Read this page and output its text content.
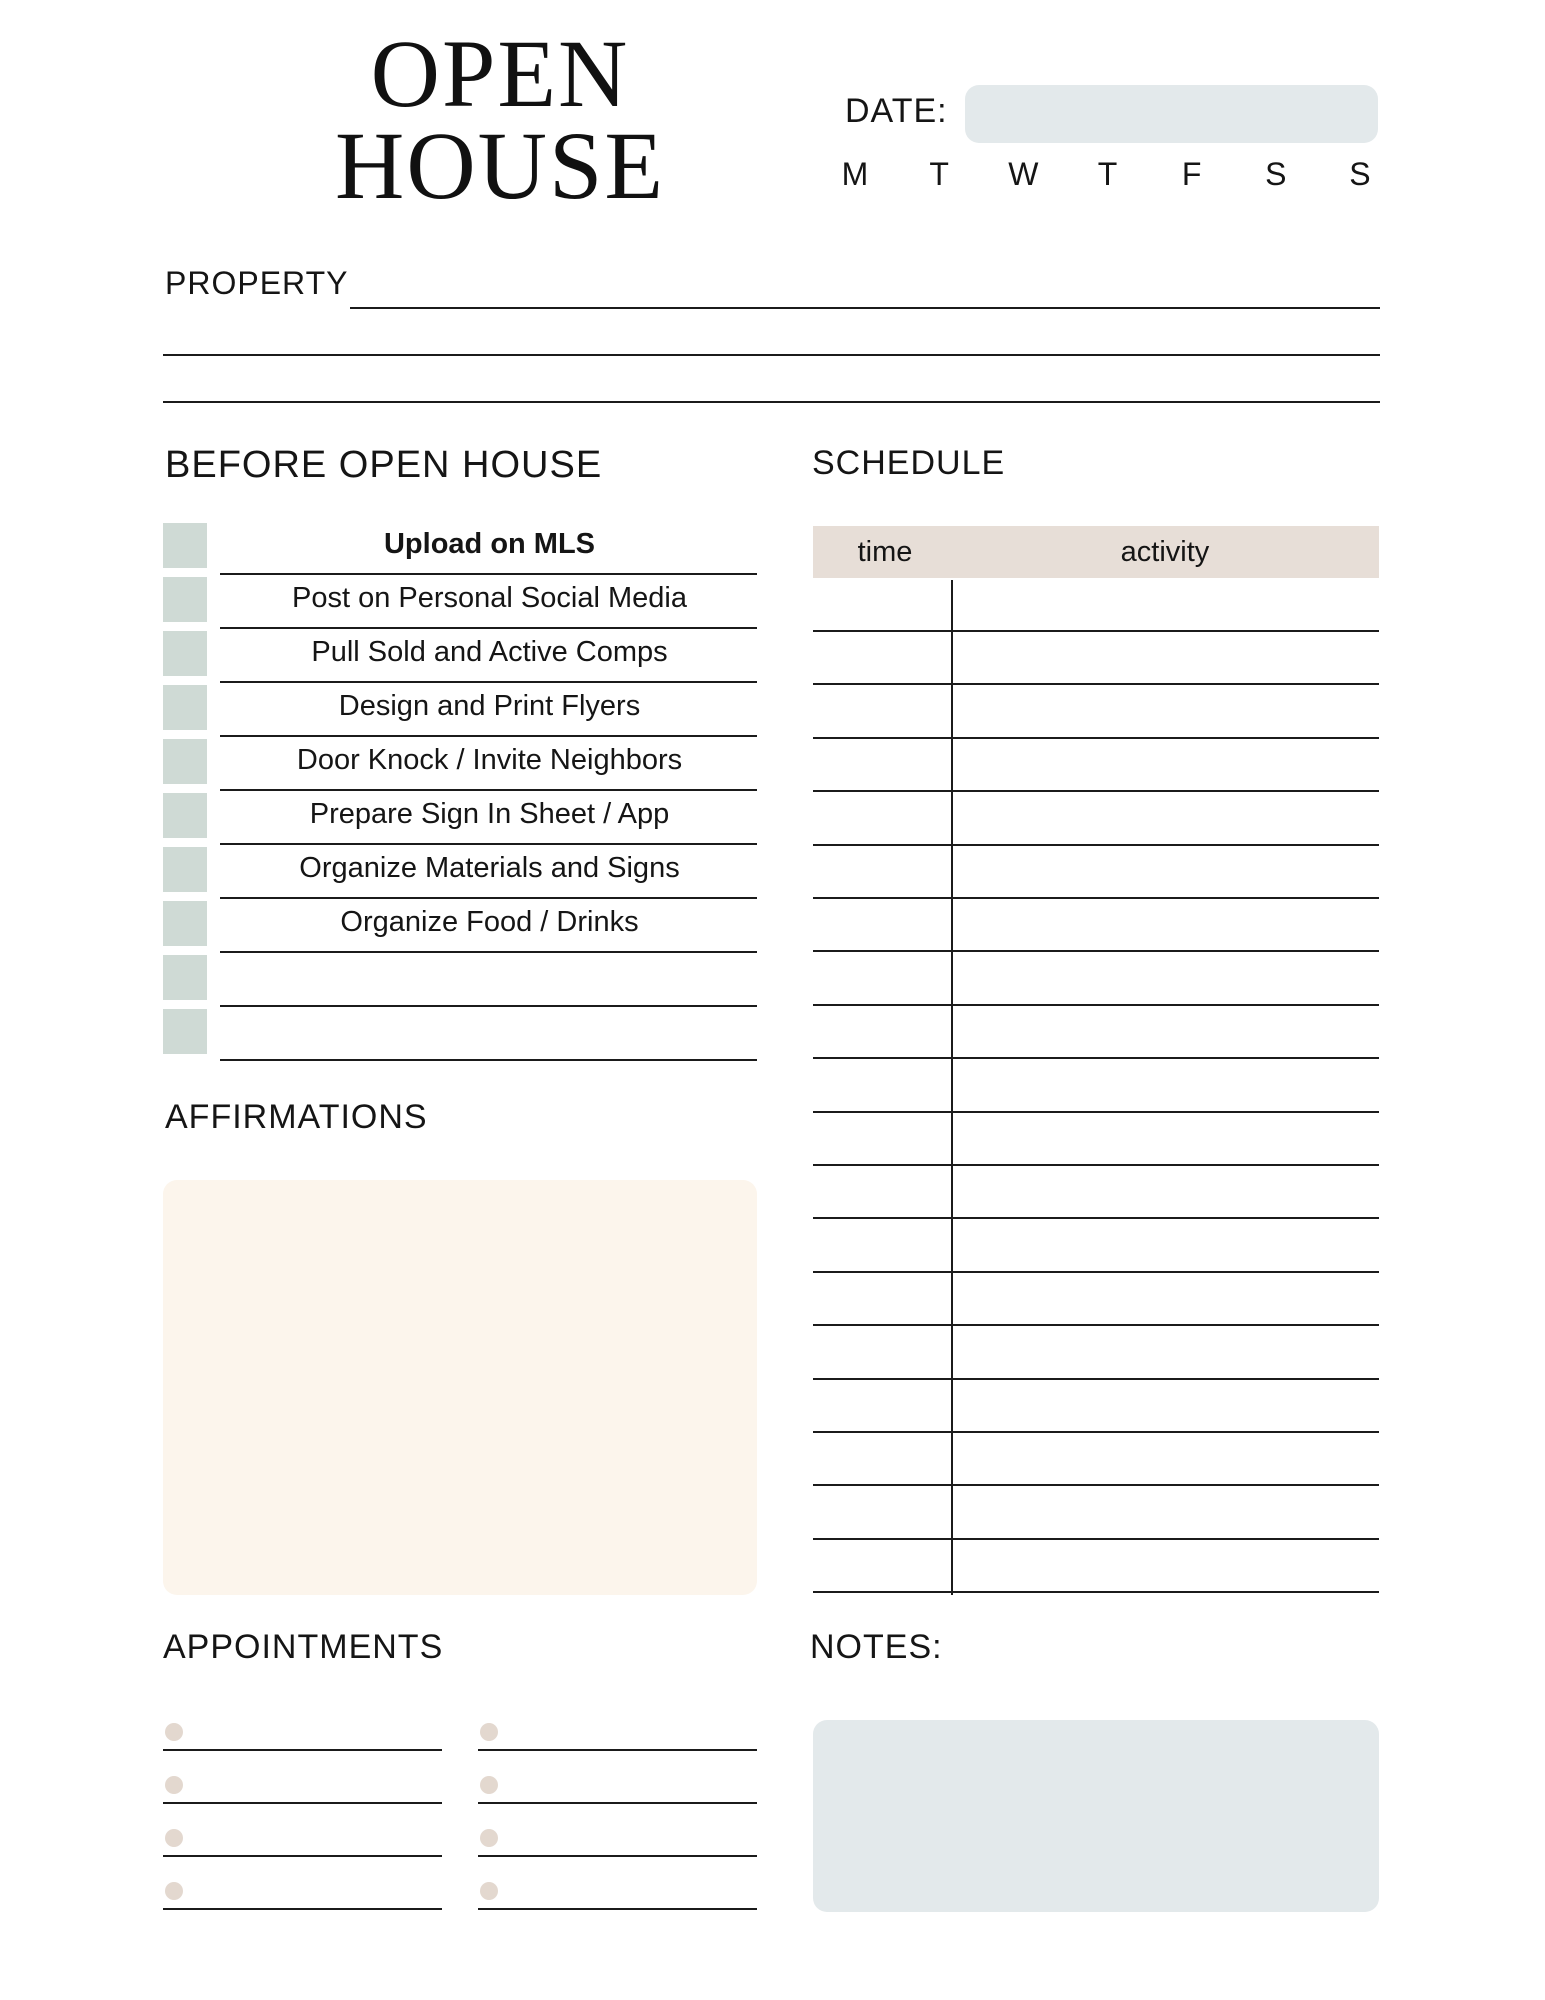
OPEN
HOUSE
DATE:
M	T	W	T	F	S S
PROPERTY
BEFORE OPEN HOUSE
Upload on MLS
Post on Personal Social Media
Pull Sold and Active Comps
Design and Print Flyers
Door Knock / Invite Neighbors
Prepare Sign In Sheet / App
Organize Materials and Signs
Organize Food / Drinks
AFFIRMATIONS
SCHEDULE
time	activity
APPOINTMENTS	NOTES:
